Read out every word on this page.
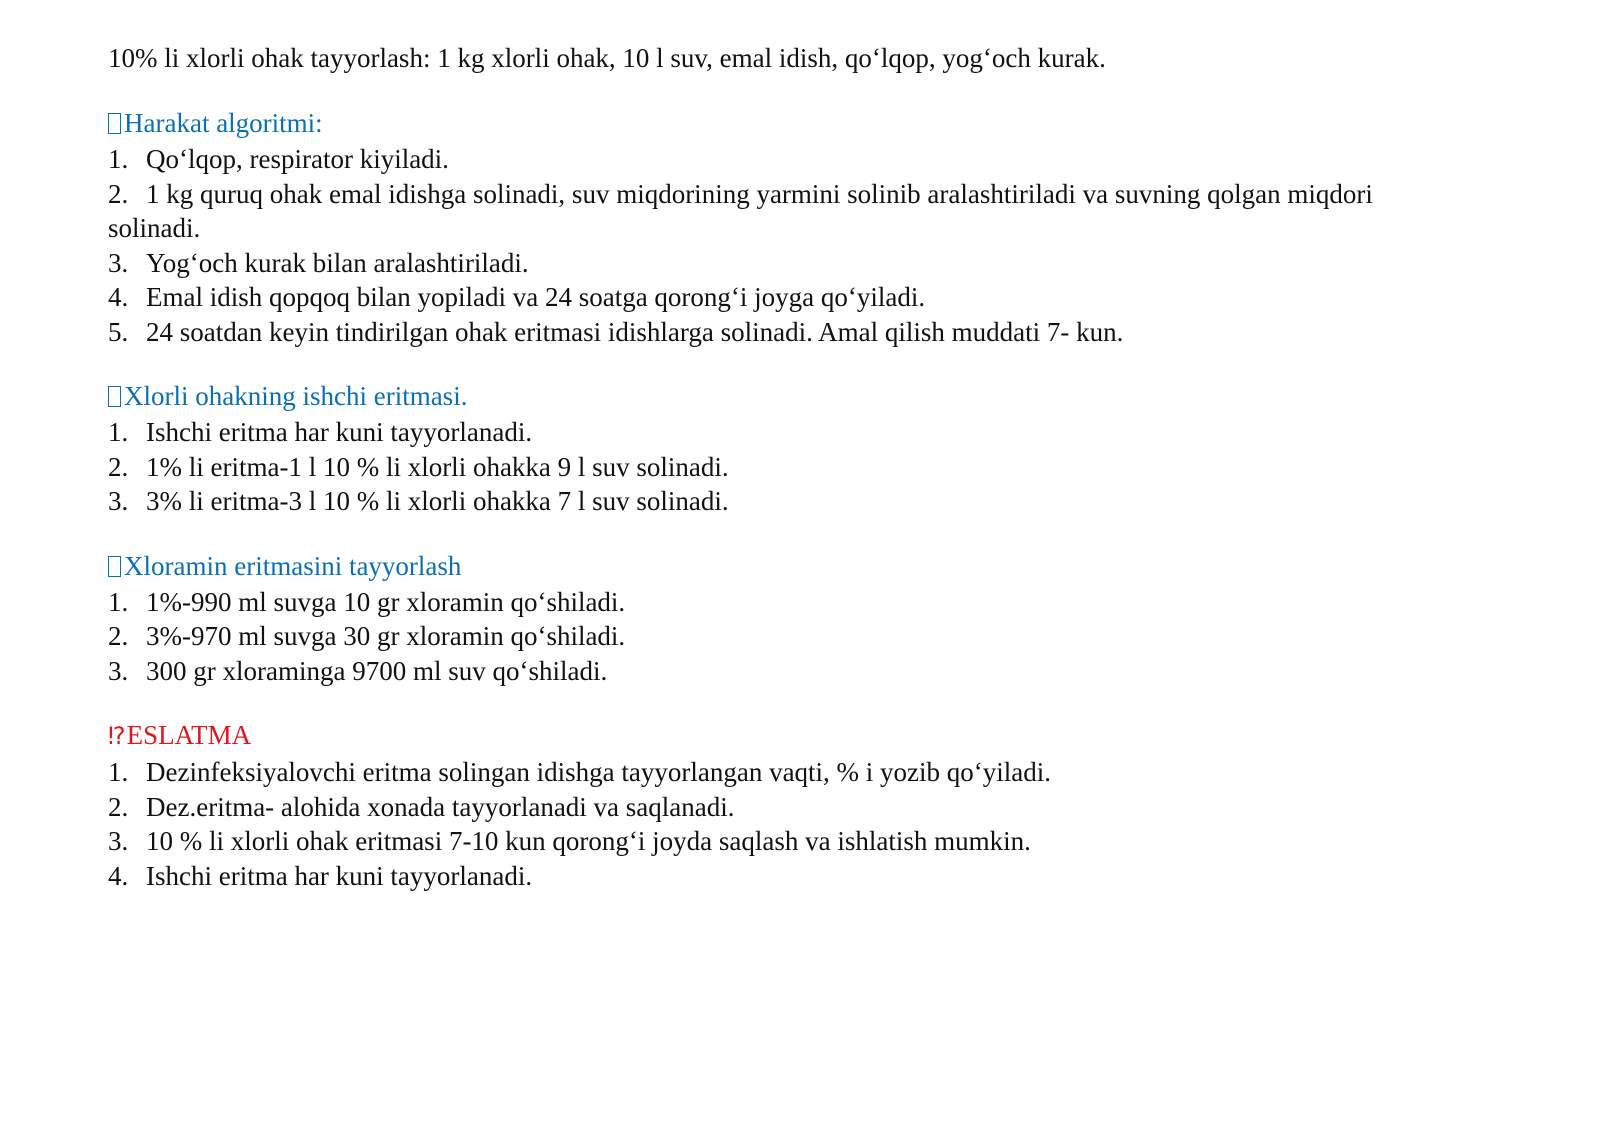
10% li xlorli ohak tayyorlash: 1 kg xlorli ohak, 10 l suv, emal idish, qo‘lqop, yog‘och kurak.

Harakat algoritmi:
1. Qo‘lqop, respirator kiyiladi.
2. 1 kg quruq ohak emal idishga solinadi, suv miqdorining yarmini solinib aralashtiriladi va suvning qolgan miqdori solinadi.
3. Yog‘och kurak bilan aralashtiriladi.
4. Emal idish qopqoq bilan yopiladi va 24 soatga qorong‘i joyga qo‘yiladi.
5. 24 soatdan keyin tindirilgan ohak eritmasi idishlarga solinadi. Amal qilish muddati 7- kun.
Xlorli ohakning ishchi eritmasi.
1. Ishchi eritma har kuni tayyorlanadi.
2. 1% li eritma-1 l 10 % li xlorli ohakka 9 l suv solinadi.
3. 3% li eritma-3 l 10 % li xlorli ohakka 7 l suv solinadi.
Xloramin eritmasini tayyorlash
1. 1%-990 ml suvga 10 gr xloramin qo‘shiladi.
2. 3%-970 ml suvga 30 gr xloramin qo‘shiladi.
3. 300 gr xloraminga 9700 ml suv qo‘shiladi.
⁉ ESLATMA
1. Dezinfeksiyalovchi eritma solingan idishga tayyorlangan vaqti, % i yozib qo‘yiladi.
2. Dez.eritma- alohida xonada tayyorlanadi va saqlanadi.
3. 10 % li xlorli ohak eritmasi 7-10 kun qorong‘i joyda saqlash va ishlatish mumkin.
4. Ishchi eritma har kuni tayyorlanadi.
